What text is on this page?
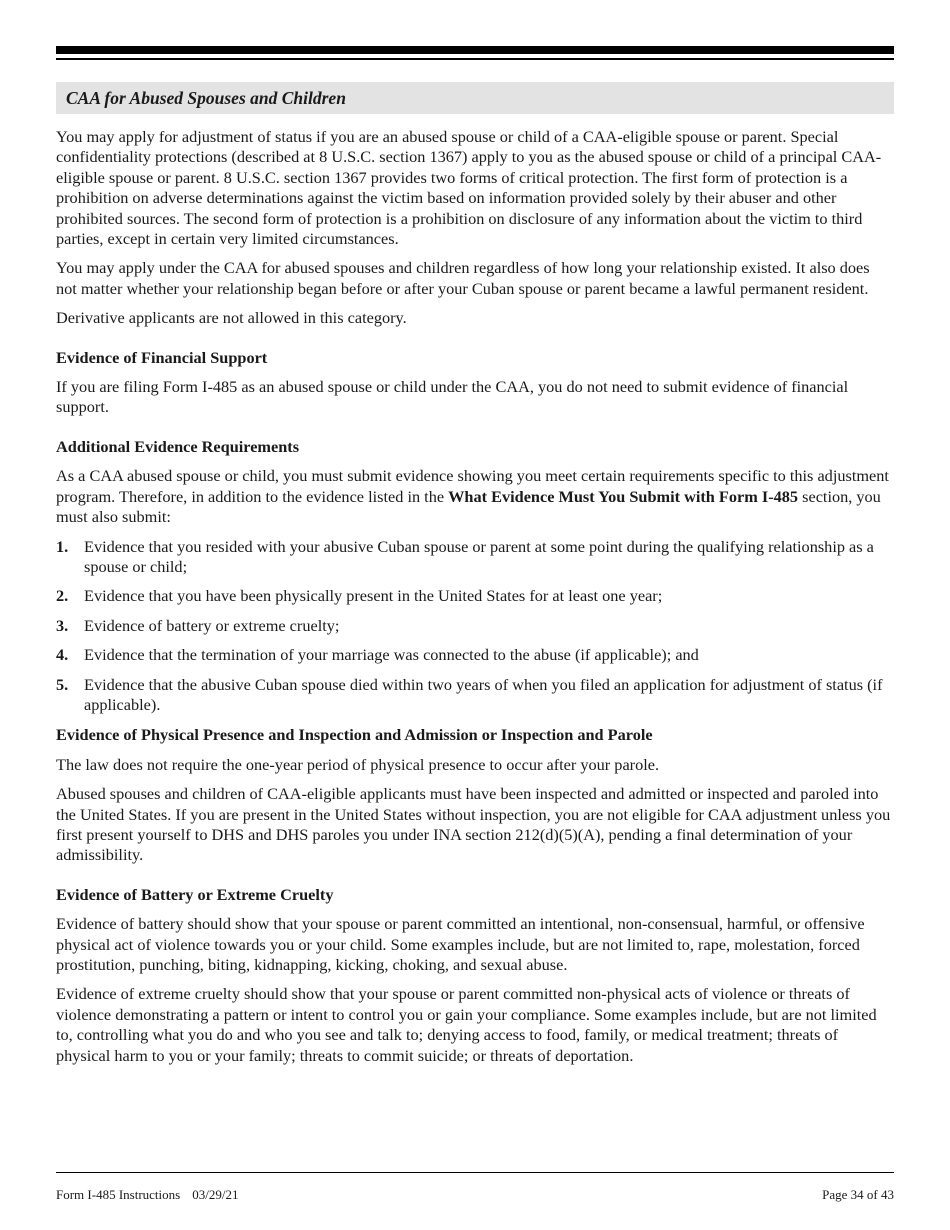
CAA for Abused Spouses and Children

You may apply for adjustment of status if you are an abused spouse or child of a CAA-eligible spouse or parent. Special confidentiality protections (described at 8 U.S.C. section 1367) apply to you as the abused spouse or child of a principal CAA-eligible spouse or parent. 8 U.S.C. section 1367 provides two forms of critical protection. The first form of protection is a prohibition on adverse determinations against the victim based on information provided solely by their abuser and other prohibited sources. The second form of protection is a prohibition on disclosure of any information about the victim to third parties, except in certain very limited circumstances.

You may apply under the CAA for abused spouses and children regardless of how long your relationship existed. It also does not matter whether your relationship began before or after your Cuban spouse or parent became a lawful permanent resident.

Derivative applicants are not allowed in this category.

Evidence of Financial Support

If you are filing Form I-485 as an abused spouse or child under the CAA, you do not need to submit evidence of financial support.

Additional Evidence Requirements

As a CAA abused spouse or child, you must submit evidence showing you meet certain requirements specific to this adjustment program. Therefore, in addition to the evidence listed in the What Evidence Must You Submit with Form I-485 section, you must also submit:

1. Evidence that you resided with your abusive Cuban spouse or parent at some point during the qualifying relationship as a spouse or child;
2. Evidence that you have been physically present in the United States for at least one year;
3. Evidence of battery or extreme cruelty;
4. Evidence that the termination of your marriage was connected to the abuse (if applicable); and
5. Evidence that the abusive Cuban spouse died within two years of when you filed an application for adjustment of status (if applicable).
Evidence of Physical Presence and Inspection and Admission or Inspection and Parole

The law does not require the one-year period of physical presence to occur after your parole.

Abused spouses and children of CAA-eligible applicants must have been inspected and admitted or inspected and paroled into the United States. If you are present in the United States without inspection, you are not eligible for CAA adjustment unless you first present yourself to DHS and DHS paroles you under INA section 212(d)(5)(A), pending a final determination of your admissibility.

Evidence of Battery or Extreme Cruelty

Evidence of battery should show that your spouse or parent committed an intentional, non-consensual, harmful, or offensive physical act of violence towards you or your child. Some examples include, but are not limited to, rape, molestation, forced prostitution, punching, biting, kidnapping, kicking, choking, and sexual abuse.

Evidence of extreme cruelty should show that your spouse or parent committed non-physical acts of violence or threats of violence demonstrating a pattern or intent to control you or gain your compliance. Some examples include, but are not limited to, controlling what you do and who you see and talk to; denying access to food, family, or medical treatment; threats of physical harm to you or your family; threats to commit suicide; or threats of deportation.

Form I-485 Instructions 03/29/21	Page 34 of 43
